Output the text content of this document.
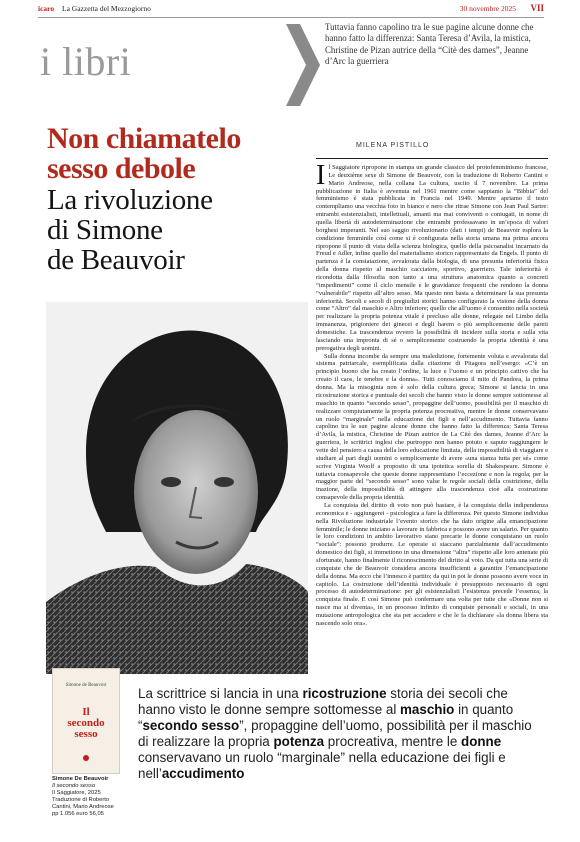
icaro La Gazzetta del Mezzogiorno	30 novembre 2025 VII
i libri
Tuttavia fanno capolino tra le sue pagine alcune donne che hanno fatto la differenza: Santa Teresa d’Avila, la mistica, Christine de Pizan autrice della “Citè des dames”, Jeanne d’Arc la guerriera
Non chiamatelo
sesso debole
La rivoluzione
di Simone
de Beauvoir
MILENA PISTILLO

Il Saggiatore ripropone in stampa un grande classico del protofemminismo francese, Le deuxième sexe di Simone de Beauvoir, con la traduzione di Roberto Cantini e Mario Andreose, nella collana La cultura, uscito il 7 novembre. La prima pubblicazione in Italia è avvenuta nel 1961 mentre come sappiamo la “Bibbia” del femminismo è stata pubblicata in Francia nel 1949. Mentre apriamo il testo contempliamo una vecchia foto in bianco e nero che ritrae Simone con Jean Paul Sartre: entrambi esistenzialisti, intellettuali, amanti ma mai conviventi o coniugati, in nome di quella libertà di autodeterminazione che entrambi professavano in un’epoca di valori borghesi imperanti. Nel suo saggio rivoluzionario (dati i tempi) de Beauvoir esplora la condizione femminile così come si è configurata nella storia umana ma prima ancora ripropone il punto di vista della scienza biologica, quello della psicoanalisi incarnato da Freud e Adler, infine quello del materialismo storico rappresentato da Engels. Il punto di partenza è la constatazione, avvalorata dalla biologia, di una presunta inferiorità fisica della donna rispetto al maschio cacciatore, sportivo, guerriero. Tale inferiorità è ricondotta dalla filosofia non tanto a una struttura anatomica quanto a concreti “impedimenti” come il ciclo mensile e le gravidanze frequenti che rendono la donna “vulnerabile” rispetto all’altro sesso. Ma questo non basta a determinare la sua presunta inferiorità. Secoli e secoli di pregiudizi storici hanno configurato la visione della donna come “Altro” dal maschio e Altro inferiore; quello che all’uomo è consentito nella società per realizzare la propria potenza vitale è precluso alle donne, relegate nel Limbo della immanenza, prigioniere dei ginecei e degli harem o più semplicemente delle pareti domestiche. La trascendenza ovvero la possibilità di incidere sulla storia e sulla vita lasciando una impronta di sé o semplicemente costruendo la propria identità è una prerogativa degli uomini.

Sulla donna incombe da sempre una maledizione, fortemente voluta e avvalorata dal sistema patriarcale, esemplificata dalla citazione di Pitagora nell’esergo: «C’è un principio buono che ha creato l’ordine, la luce e l’uomo e un principio cattivo che ha creato il caos, le tenebre e la donna». Tutti conosciamo il mito di Pandora, la prima donna. Ma la misoginia non è solo della cultura greca; Simone si lancia in una ricostruzione storica e puntuale dei secoli che hanno visto le donne sempre sottomesse al maschio in quanto “secondo sesso”, propagginе dell’uomo, possibilità per il maschio di realizzare compiutamente la propria potenza procreativa, mentre le donne conservavano un ruolo “marginale” nella educazione dei figli e nell’accudimento. Tuttavia fanno capolino tra le sue pagine alcune donne che hanno fatto la differenza: Santa Teresa d’Avila, la mistica, Christine de Pizan autrice de La Citè des dames, Jeanne d’Arc la guerriera, le scrittrici inglesi che purtroppo non hanno potuto e saputo raggiungere le vette del pensiero a causa della loro educazione limitata, della impossibilità di viaggiare e studiare al pari degli uomini o semplicemente di avere «una stanza tutta per sé» come scrive Virginia Woolf a proposito di una ipotetica sorella di Shakespeare. Simone è tuttavia consapevole che queste donne rappresentano l’eccezione e non la regola; per la maggior parte del “secondo sesso” sono valse le regole sociali della costrizione, della inazione, della impossibilità di attingere alla trascendenza cioè alla costruzione consapevole della propria identità.

La conquista del diritto di voto non può bastare, è la conquista della indipendenza economica e - aggiungerei - psicologica a fare la differenza. Per questo Simone individua nella Rivoluzione industriale l’evento storico che ha dato origine alla emancipazione femminile; le donne iniziano a lavorare in fabbrica e possono avere un salario. Per quanto le loro condizioni in ambito lavorativo siano precarie le donne conquistano un ruolo “sociale”: possono produrre. Le operaie si staccano parzialmente dall’accudimento domestico dei figli, si immettono in una dimensione “altra” rispetto alle loro antenate più sfortunate, hanno finalmente il riconoscimento del diritto al voto. Da qui tutta una serie di conquiste che de Beauvoir considera ancora insufficienti a garantire l’emancipazione della donna. Ma ecco che l’innesco è partito; da qui in poi le donne possono avere voce in capitolo. La costruzione dell’identità individuale è presupposto necessario di ogni processo di autodeterminazione: per gli esistenzialisti l’esistenza precede l’essenza, la conquista finale. E così Simone può confermare una volta per tutte che «Donne non si nasce ma si diventa», in un processo infinito di conquiste personali e sociali, in una mutazione antropologica che sta per accadere e che le fa dichiarare «la donna libera sta nascendo solo ora».

Simone de Beauvoir
Il
secondo
sesso
Simone De Beauvoir
Il secondo sesso
Il Saggiatore, 2025
Traduzione di Roberto
Cantini, Mario Andreose
pp 1.056 euro 56,05
La scrittrice si lancia in una ricostruzione storia dei secoli che hanno visto le donne sempre sottomesse al maschio in quanto “secondo sesso”, propaggine dell’uomo, possibilità per il maschio di realizzare la propria potenza procreativa, mentre le donne conservavano un ruolo “marginale” nella educazione dei figli e nell’accudimento
